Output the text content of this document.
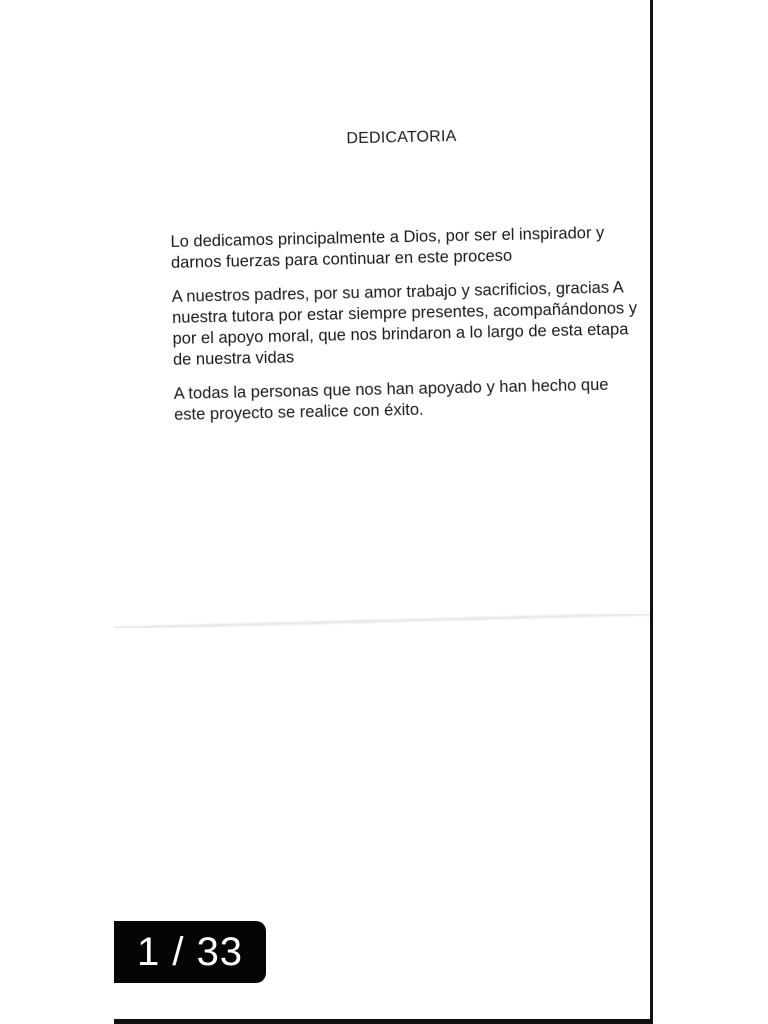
DEDICATORIA

Lo dedicamos principalmente a Dios, por ser el inspirador y darnos fuerzas para continuar en este proceso

A nuestros padres, por su amor trabajo y sacrificios, gracias A nuestra tutora por estar siempre presentes, acompañándonos y por el apoyo moral, que nos brindaron a lo largo de esta etapa de nuestra vidas

A todas la personas que nos han apoyado y han hecho que este proyecto se realice con éxito.

1 / 33
